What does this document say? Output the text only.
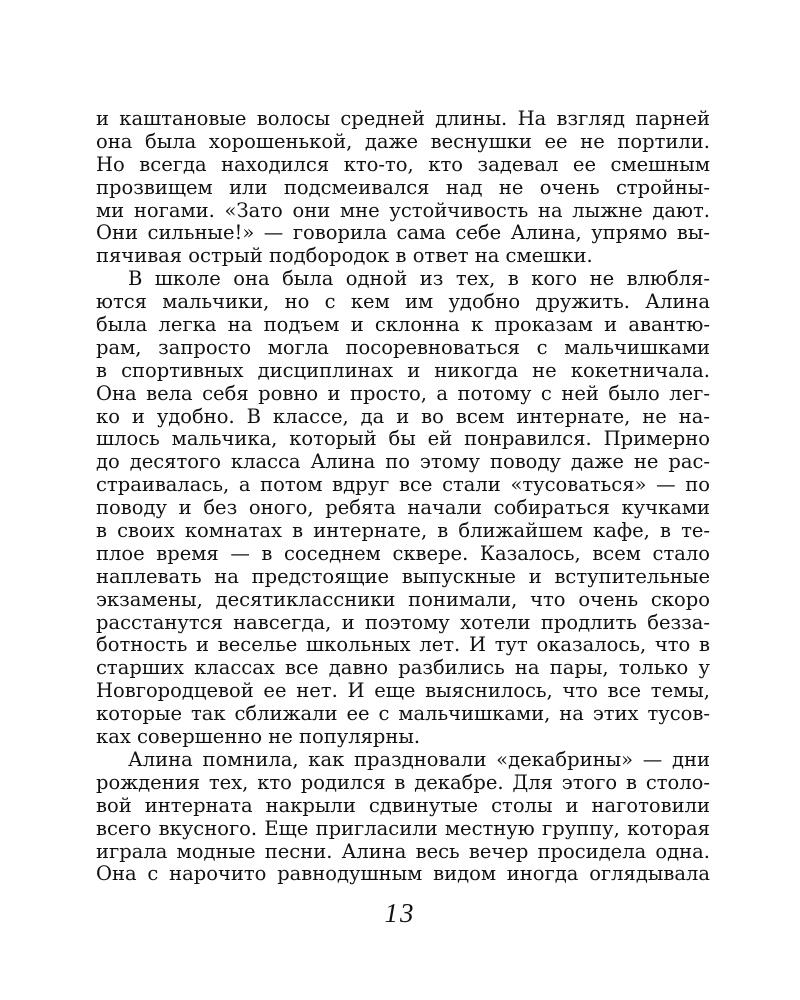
и каштановые волосы средней длины. На взгляд парней
она была хорошенькой, даже веснушки ее не портили.
Но всегда находился кто-то, кто задевал ее смешным
прозвищем или подсмеивался над не очень стройны-
ми ногами. «Зато они мне устойчивость на лыжне дают.
Они сильные!» — говорила сама себе Алина, упрямо вы-
пячивая острый подбородок в ответ на смешки.
В школе она была одной из тех, в кого не влюбля-
ются мальчики, но с кем им удобно дружить. Алина
была легка на подъем и склонна к проказам и авантю-
рам, запросто могла посоревноваться с мальчишками
в спортивных дисциплинах и никогда не кокетничала.
Она вела себя ровно и просто, а потому с ней было лег-
ко и удобно. В классе, да и во всем интернате, не на-
шлось мальчика, который бы ей понравился. Примерно
до десятого класса Алина по этому поводу даже не рас-
страивалась, а потом вдруг все стали «тусоваться» — по
поводу и без оного, ребята начали собираться кучками
в своих комнатах в интернате, в ближайшем кафе, в те-
плое время — в соседнем сквере. Казалось, всем стало
наплевать на предстоящие выпускные и вступительные
экзамены, десятиклассники понимали, что очень скоро
расстанутся навсегда, и поэтому хотели продлить безза-
ботность и веселье школьных лет. И тут оказалось, что в
старших классах все давно разбились на пары, только у
Новгородцевой ее нет. И еще выяснилось, что все темы,
которые так сближали ее с мальчишками, на этих тусов-
ках совершенно не популярны.
Алина помнила, как праздновали «декабрины» — дни
рождения тех, кто родился в декабре. Для этого в столо-
вой интерната накрыли сдвинутые столы и наготовили
всего вкусного. Еще пригласили местную группу, которая
играла модные песни. Алина весь вечер просидела одна.
Она с нарочито равнодушным видом иногда оглядывала
13
